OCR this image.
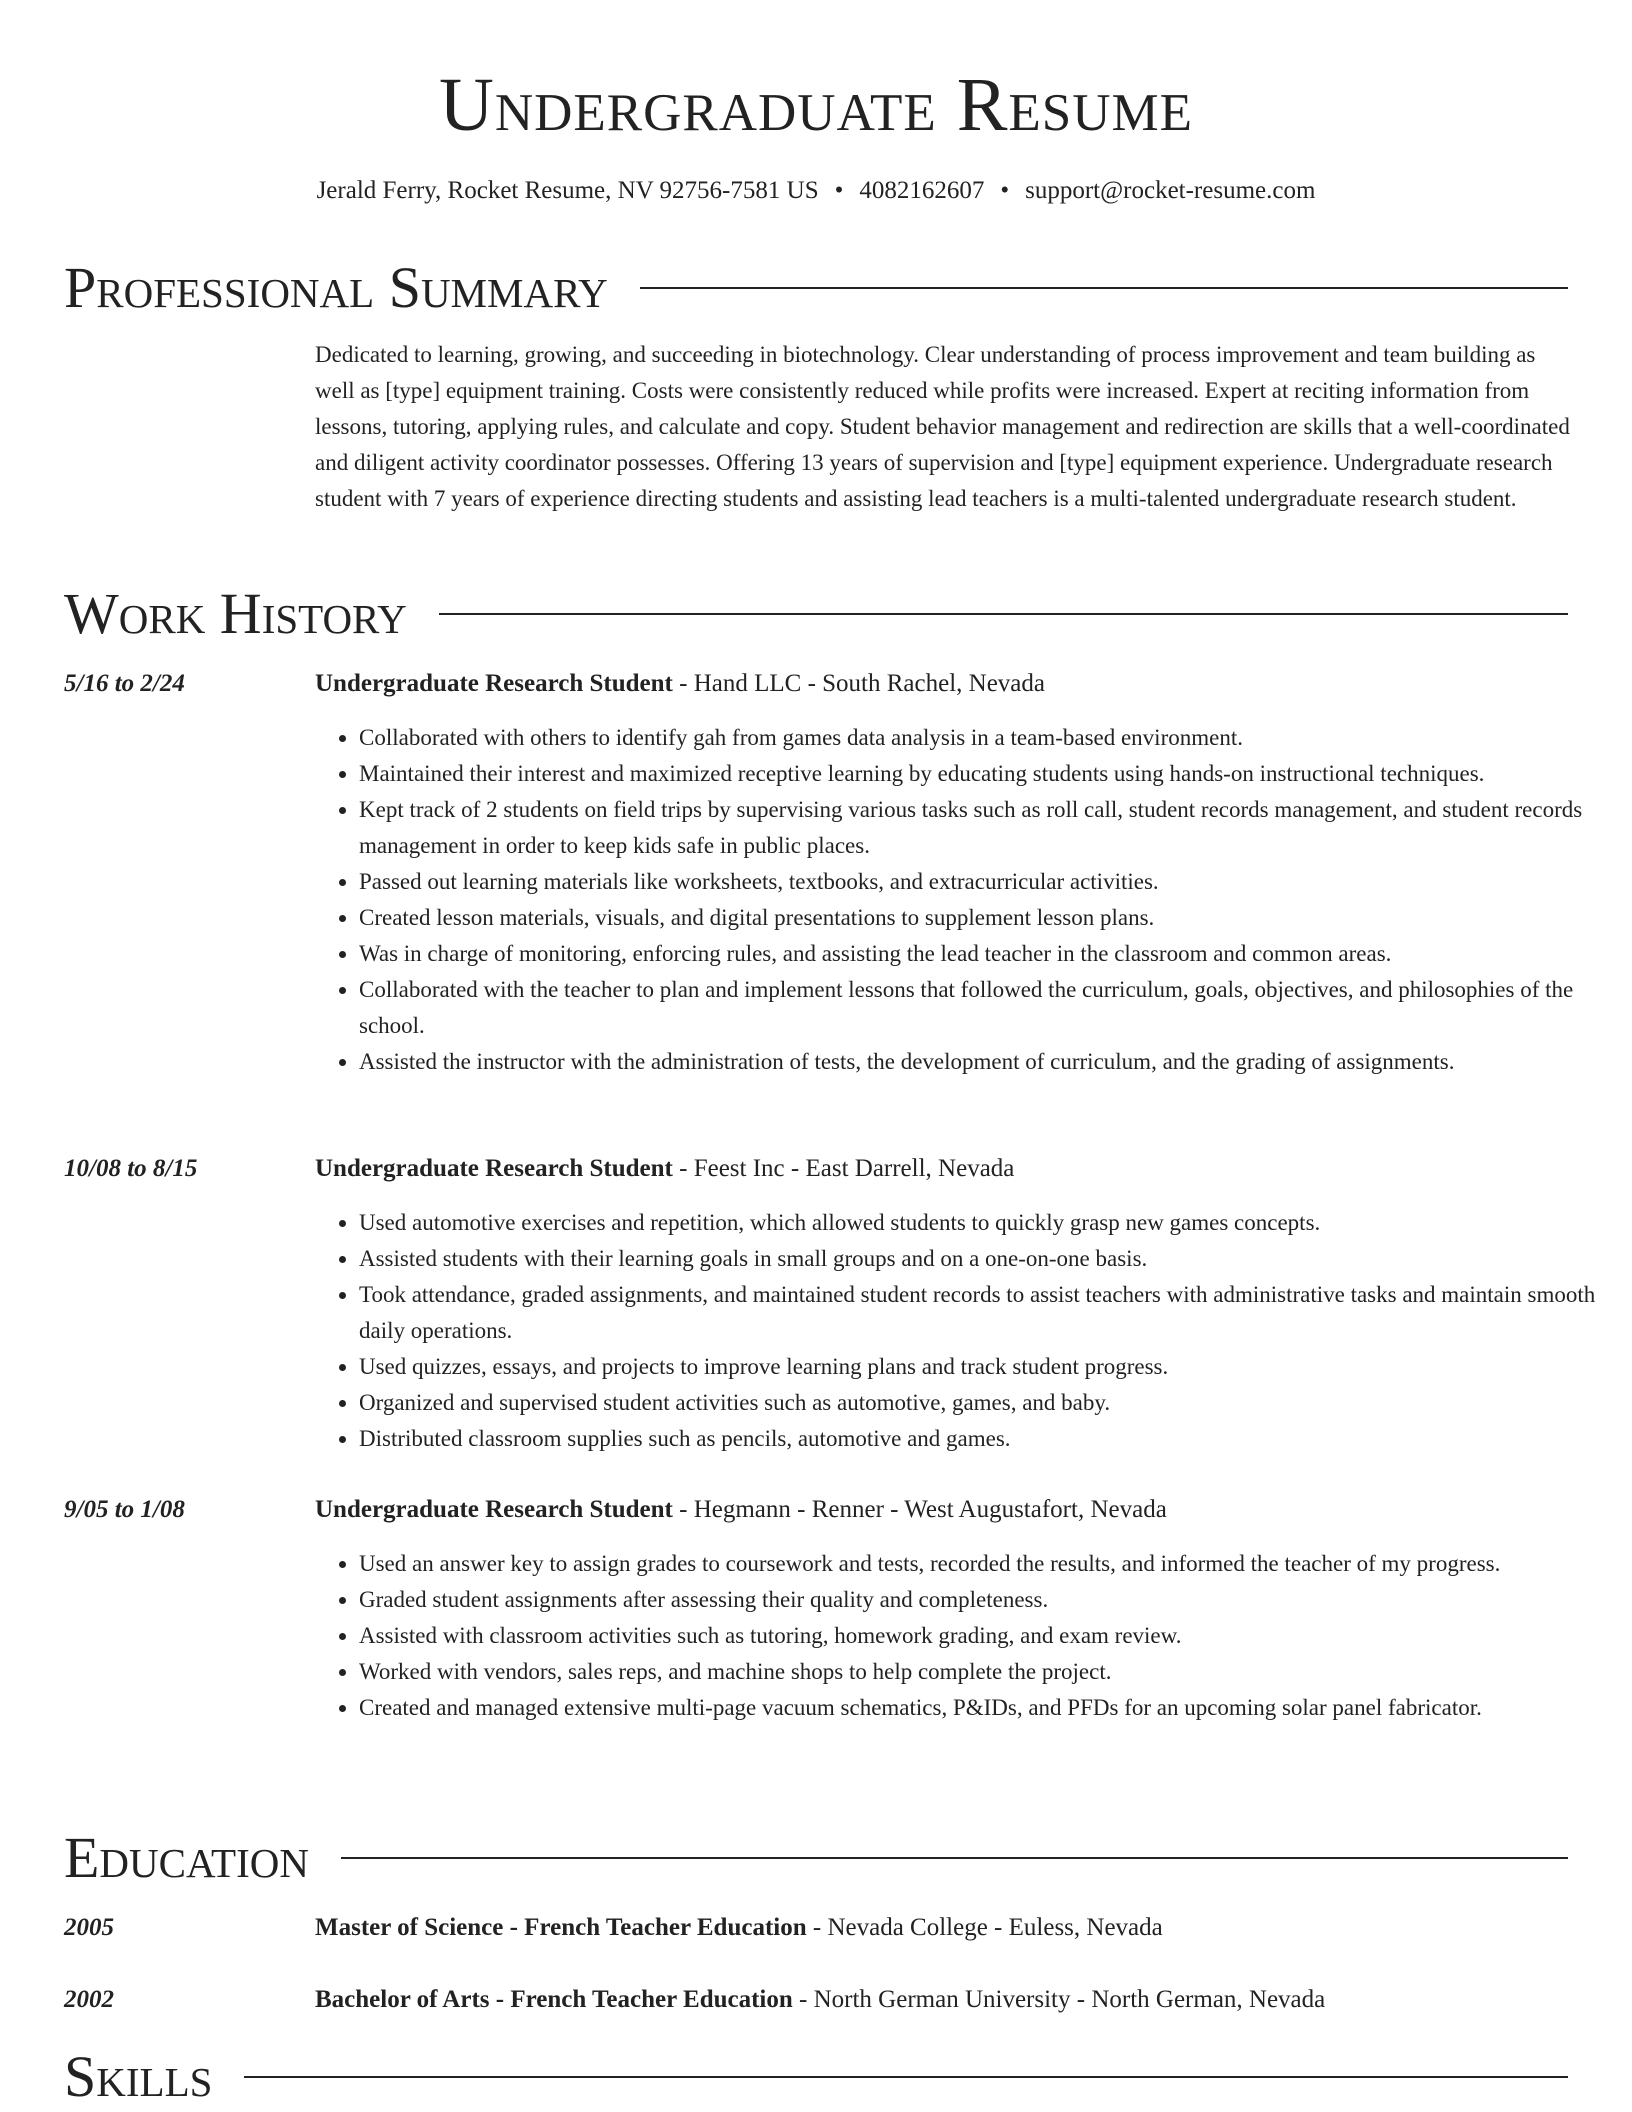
Undergraduate Resume
Jerald Ferry, Rocket Resume, NV 92756-7581 US • 4082162607 • support@rocket-resume.com
Professional Summary

Dedicated to learning, growing, and succeeding in biotechnology. Clear understanding of process improvement and team building as well as [type] equipment training. Costs were consistently reduced while profits were increased. Expert at reciting information from lessons, tutoring, applying rules, and calculate and copy. Student behavior management and redirection are skills that a well-coordinated and diligent activity coordinator possesses. Offering 13 years of supervision and [type] equipment experience. Undergraduate research student with 7 years of experience directing students and assisting lead teachers is a multi-talented undergraduate research student.

Work History
5/16 to 2/24	Undergraduate Research Student - Hand LLC - South Rachel, Nevada
• Collaborated with others to identify gah from games data analysis in a team-based environment.
• Maintained their interest and maximized receptive learning by educating students using hands-on instructional techniques.
• Kept track of 2 students on field trips by supervising various tasks such as roll call, student records management, and student records management in order to keep kids safe in public places.
• Passed out learning materials like worksheets, textbooks, and extracurricular activities.
• Created lesson materials, visuals, and digital presentations to supplement lesson plans.
• Was in charge of monitoring, enforcing rules, and assisting the lead teacher in the classroom and common areas.
• Collaborated with the teacher to plan and implement lessons that followed the curriculum, goals, objectives, and philosophies of the school.
• Assisted the instructor with the administration of tests, the development of curriculum, and the grading of assignments.
10/08 to 8/15	Undergraduate Research Student - Feest Inc - East Darrell, Nevada
• Used automotive exercises and repetition, which allowed students to quickly grasp new games concepts.
• Assisted students with their learning goals in small groups and on a one-on-one basis.
• Took attendance, graded assignments, and maintained student records to assist teachers with administrative tasks and maintain smooth daily operations.
• Used quizzes, essays, and projects to improve learning plans and track student progress.
• Organized and supervised student activities such as automotive, games, and baby.
• Distributed classroom supplies such as pencils, automotive and games.
9/05 to 1/08	Undergraduate Research Student - Hegmann - Renner - West Augustafort, Nevada
• Used an answer key to assign grades to coursework and tests, recorded the results, and informed the teacher of my progress.
• Graded student assignments after assessing their quality and completeness.
• Assisted with classroom activities such as tutoring, homework grading, and exam review.
• Worked with vendors, sales reps, and machine shops to help complete the project.
• Created and managed extensive multi-page vacuum schematics, P&IDs, and PFDs for an upcoming solar panel fabricator.
Education
2005	Master of Science - French Teacher Education - Nevada College - Euless, Nevada
2002	Bachelor of Arts - French Teacher Education - North German University - North German, Nevada
Skills
